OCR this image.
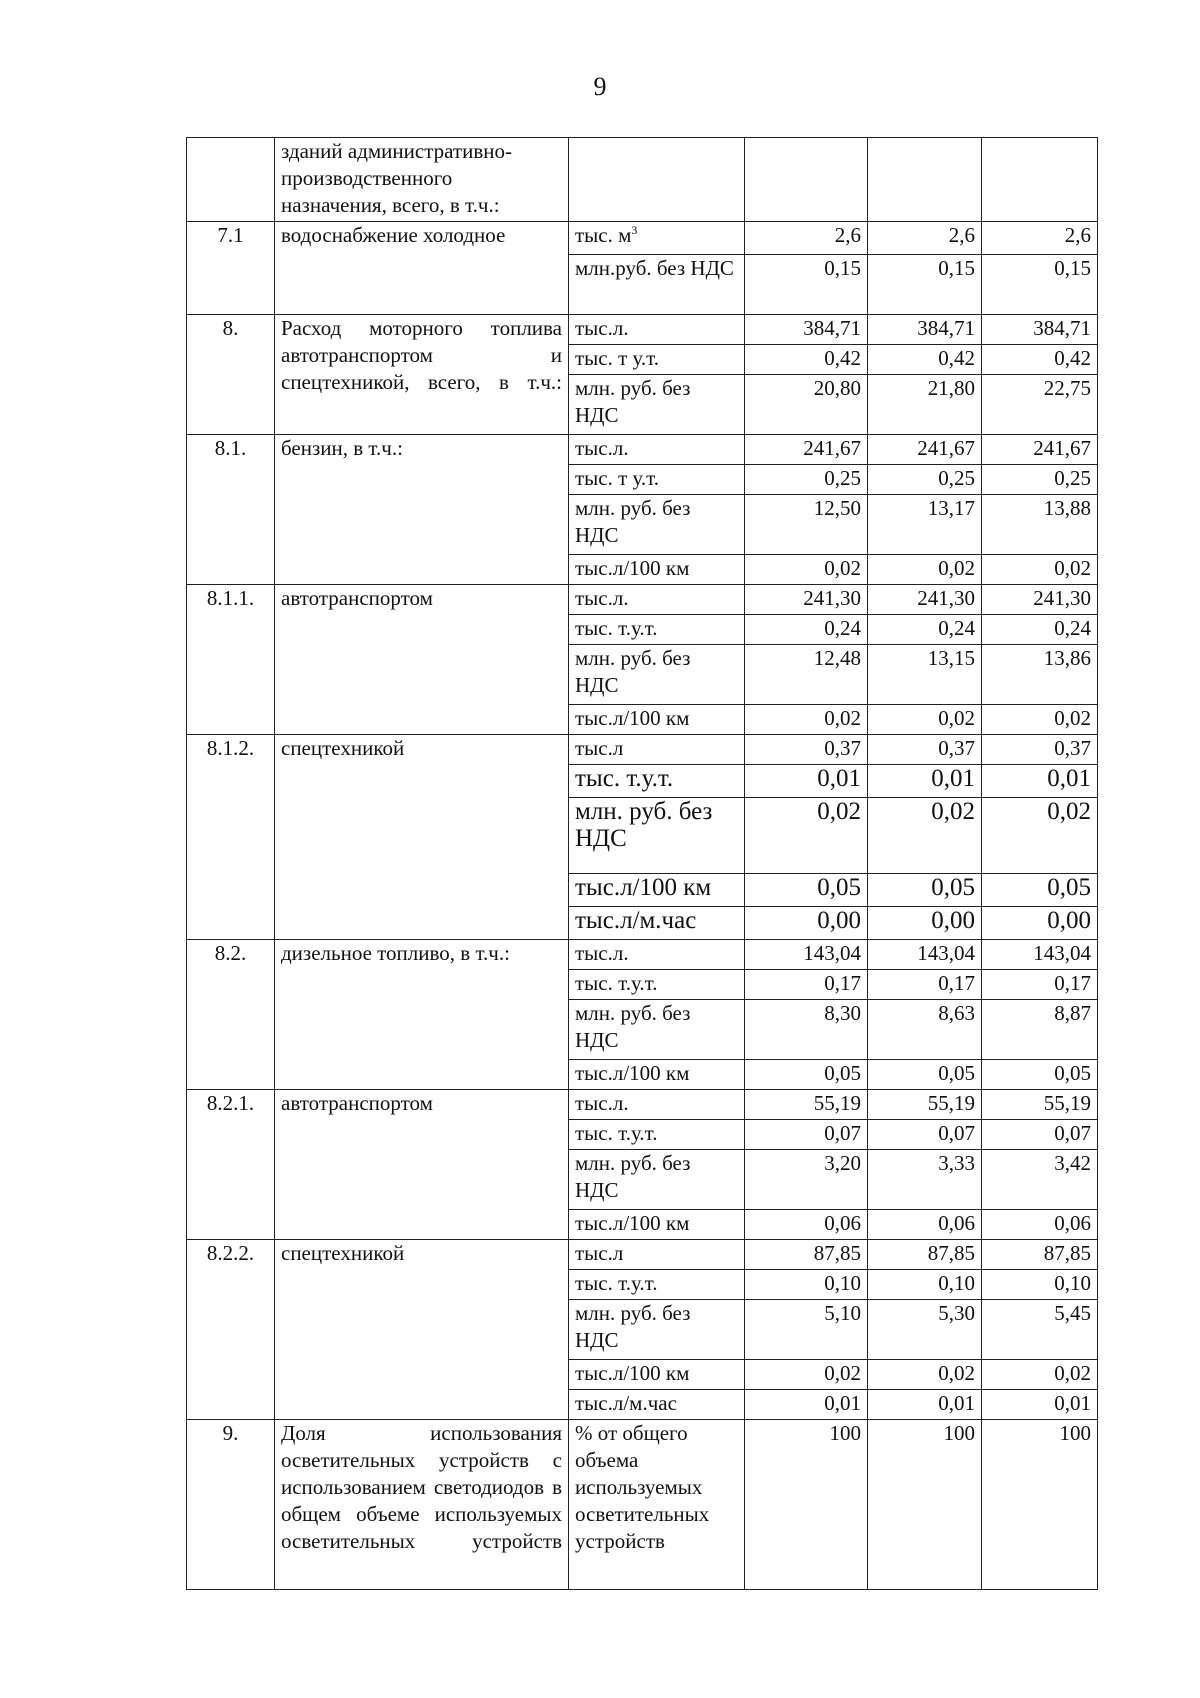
9
	зданий административно-производственного назначения, всего, в т.ч.:				
7.1	водоснабжение холодное	тыс. $м^3$	2,6	2,6	2,6
		млн.руб. без НДС	0,15	0,15	0,15
8.	Расход моторного топлива автотранспортом и спецтехникой, всего, в т.ч.:	тыс.л.	384,71	384,71	384,71
		тыс. т у.т.	0,42	0,42	0,42
		млн. руб. без НДС	20,80	21,80	22,75
8.1.	бензин, в т.ч.:	тыс.л.	241,67	241,67	241,67
		тыс. т у.т.	0,25	0,25	0,25
		млн. руб. без НДС	12,50	13,17	13,88
		тыс.л/100 км	0,02	0,02	0,02
8.1.1.	автотранспортом	тыс.л.	241,30	241,30	241,30
		тыс. т.у.т.	0,24	0,24	0,24
		млн. руб. без НДС	12,48	13,15	13,86
		тыс.л/100 км	0,02	0,02	0,02
8.1.2.	спецтехникой	тыс.л	0,37	0,37	0,37
		тыс. т.у.т.	0,01	0,01	0,01
		млн. руб. без НДС	0,02	0,02	0,02
		тыс.л/100 км	0,05	0,05	0,05
		тыс.л/м.час	0,00	0,00	0,00
8.2.	дизельное топливо, в т.ч.:	тыс.л.	143,04	143,04	143,04
		тыс. т.у.т.	0,17	0,17	0,17
		млн. руб. без НДС	8,30	8,63	8,87
		тыс.л/100 км	0,05	0,05	0,05
8.2.1.	автотранспортом	тыс.л.	55,19	55,19	55,19
		тыс. т.у.т.	0,07	0,07	0,07
		млн. руб. без НДС	3,20	3,33	3,42
		тыс.л/100 км	0,06	0,06	0,06
8.2.2.	спецтехникой	тыс.л	87,85	87,85	87,85
		тыс. т.у.т.	0,10	0,10	0,10
		млн. руб. без НДС	5,10	5,30	5,45
		тыс.л/100 км	0,02	0,02	0,02
		тыс.л/м.час	0,01	0,01	0,01
9.	Доля использования осветительных устройств с использованием светодиодов в общем объеме используемых осветительных устройств	% от общего объема используемых осветительных устройств	100	100	100
